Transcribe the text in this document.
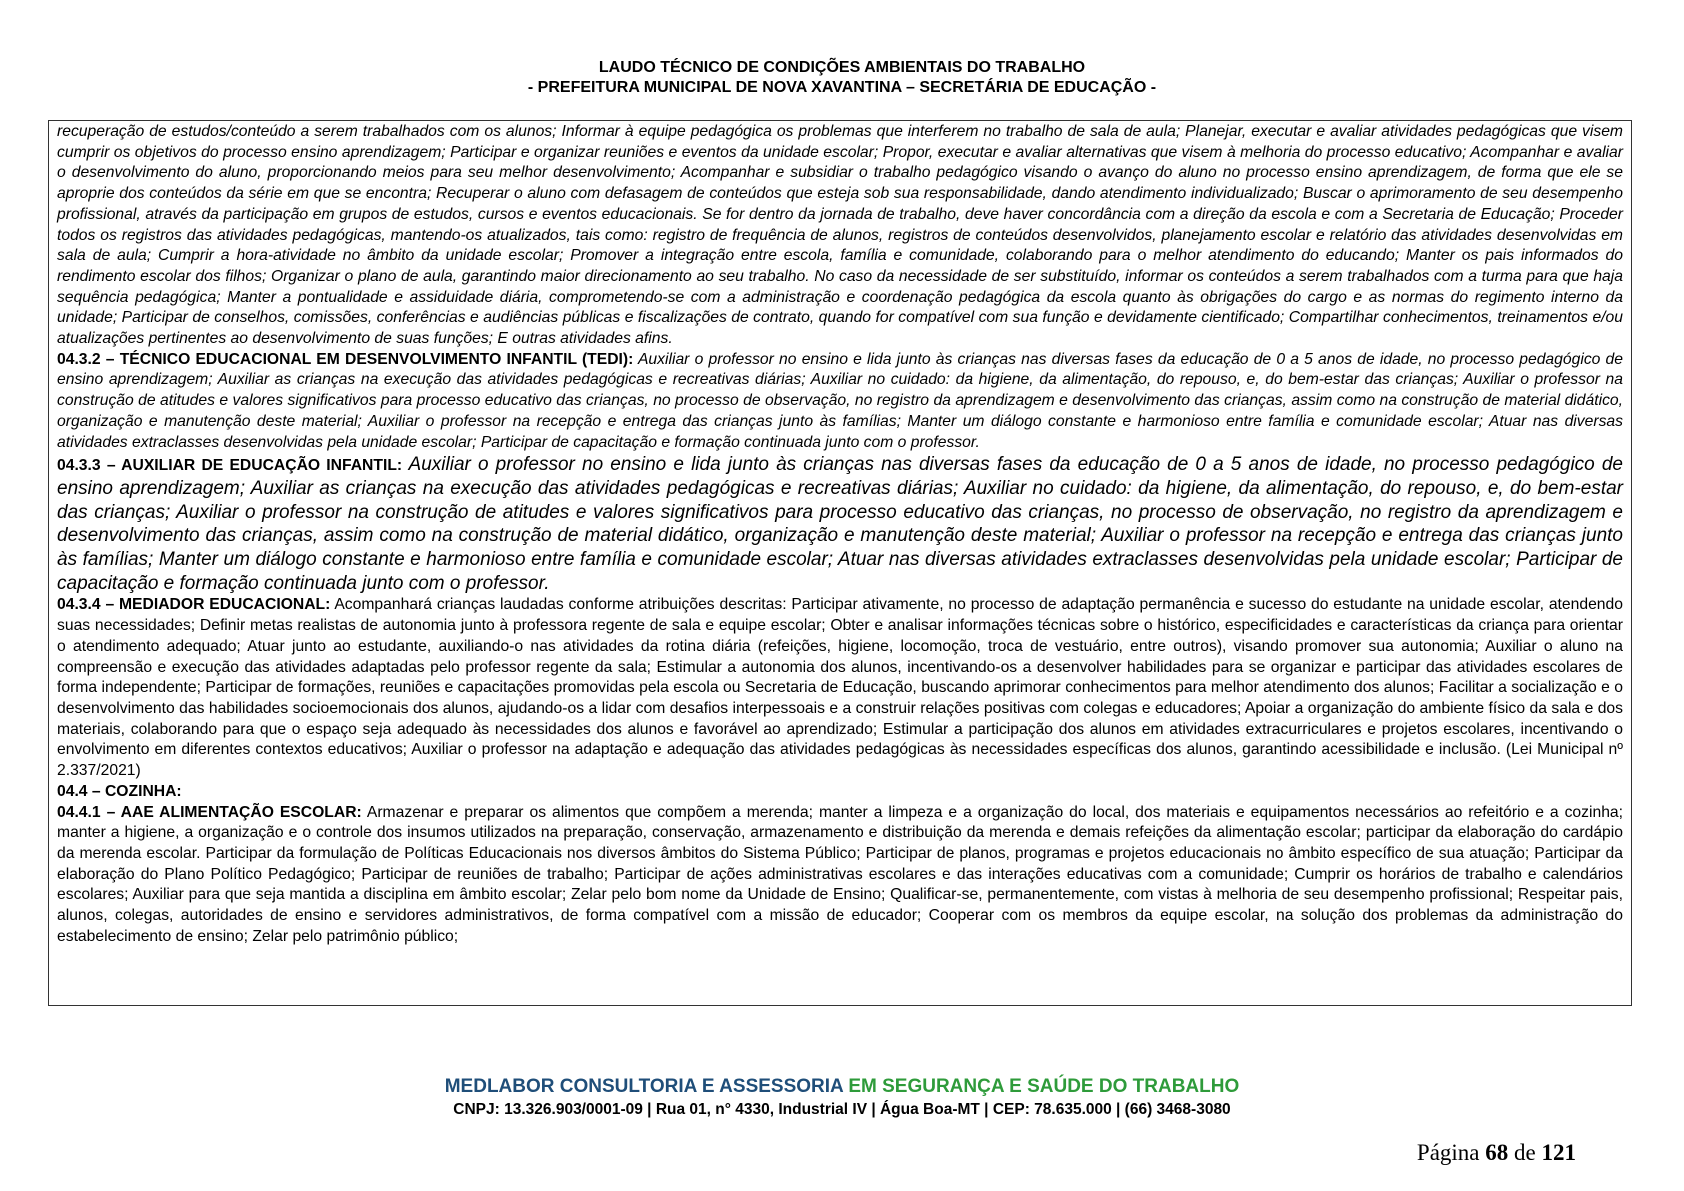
LAUDO TÉCNICO DE CONDIÇÕES AMBIENTAIS DO TRABALHO
- PREFEITURA MUNICIPAL DE NOVA XAVANTINA – SECRETÁRIA DE EDUCAÇÃO -

recuperação de estudos/conteúdo a serem trabalhados com os alunos; Informar à equipe pedagógica os problemas que interferem no trabalho de sala de aula; Planejar, executar e avaliar atividades pedagógicas que visem cumprir os objetivos do processo ensino aprendizagem; Participar e organizar reuniões e eventos da unidade escolar; Propor, executar e avaliar alternativas que visem à melhoria do processo educativo; Acompanhar e avaliar o desenvolvimento do aluno, proporcionando meios para seu melhor desenvolvimento; Acompanhar e subsidiar o trabalho pedagógico visando o avanço do aluno no processo ensino aprendizagem, de forma que ele se aproprie dos conteúdos da série em que se encontra; Recuperar o aluno com defasagem de conteúdos que esteja sob sua responsabilidade, dando atendimento individualizado; Buscar o aprimoramento de seu desempenho profissional, através da participação em grupos de estudos, cursos e eventos educacionais. Se for dentro da jornada de trabalho, deve haver concordância com a direção da escola e com a Secretaria de Educação; Proceder todos os registros das atividades pedagógicas, mantendo-os atualizados, tais como: registro de frequência de alunos, registros de conteúdos desenvolvidos, planejamento escolar e relatório das atividades desenvolvidas em sala de aula; Cumprir a hora-atividade no âmbito da unidade escolar; Promover a integração entre escola, família e comunidade, colaborando para o melhor atendimento do educando; Manter os pais informados do rendimento escolar dos filhos; Organizar o plano de aula, garantindo maior direcionamento ao seu trabalho. No caso da necessidade de ser substituído, informar os conteúdos a serem trabalhados com a turma para que haja sequência pedagógica; Manter a pontualidade e assiduidade diária, comprometendo-se com a administração e coordenação pedagógica da escola quanto às obrigações do cargo e as normas do regimento interno da unidade; Participar de conselhos, comissões, conferências e audiências públicas e fiscalizações de contrato, quando for compatível com sua função e devidamente cientificado; Compartilhar conhecimentos, treinamentos e/ou atualizações pertinentes ao desenvolvimento de suas funções; E outras atividades afins.

04.3.2 – TÉCNICO EDUCACIONAL EM DESENVOLVIMENTO INFANTIL (TEDI): Auxiliar o professor no ensino e lida junto às crianças nas diversas fases da educação de 0 a 5 anos de idade, no processo pedagógico de ensino aprendizagem; Auxiliar as crianças na execução das atividades pedagógicas e recreativas diárias; Auxiliar no cuidado: da higiene, da alimentação, do repouso, e, do bem-estar das crianças; Auxiliar o professor na construção de atitudes e valores significativos para processo educativo das crianças, no processo de observação, no registro da aprendizagem e desenvolvimento das crianças, assim como na construção de material didático, organização e manutenção deste material; Auxiliar o professor na recepção e entrega das crianças junto às famílias; Manter um diálogo constante e harmonioso entre família e comunidade escolar; Atuar nas diversas atividades extraclasses desenvolvidas pela unidade escolar; Participar de capacitação e formação continuada junto com o professor.

04.3.3 – AUXILIAR DE EDUCAÇÃO INFANTIL: Auxiliar o professor no ensino e lida junto às crianças nas diversas fases da educação de 0 a 5 anos de idade, no processo pedagógico de ensino aprendizagem; Auxiliar as crianças na execução das atividades pedagógicas e recreativas diárias; Auxiliar no cuidado: da higiene, da alimentação, do repouso, e, do bem-estar das crianças; Auxiliar o professor na construção de atitudes e valores significativos para processo educativo das crianças, no processo de observação, no registro da aprendizagem e desenvolvimento das crianças, assim como na construção de material didático, organização e manutenção deste material; Auxiliar o professor na recepção e entrega das crianças junto às famílias; Manter um diálogo constante e harmonioso entre família e comunidade escolar; Atuar nas diversas atividades extraclasses desenvolvidas pela unidade escolar; Participar de capacitação e formação continuada junto com o professor.

04.3.4 – MEDIADOR EDUCACIONAL: Acompanhará crianças laudadas conforme atribuições descritas: Participar ativamente, no processo de adaptação permanência e sucesso do estudante na unidade escolar, atendendo suas necessidades; Definir metas realistas de autonomia junto à professora regente de sala e equipe escolar; Obter e analisar informações técnicas sobre o histórico, especificidades e características da criança para orientar o atendimento adequado; Atuar junto ao estudante, auxiliando-o nas atividades da rotina diária (refeições, higiene, locomoção, troca de vestuário, entre outros), visando promover sua autonomia; Auxiliar o aluno na compreensão e execução das atividades adaptadas pelo professor regente da sala; Estimular a autonomia dos alunos, incentivando-os a desenvolver habilidades para se organizar e participar das atividades escolares de forma independente; Participar de formações, reuniões e capacitações promovidas pela escola ou Secretaria de Educação, buscando aprimorar conhecimentos para melhor atendimento dos alunos; Facilitar a socialização e o desenvolvimento das habilidades socioemocionais dos alunos, ajudando-os a lidar com desafios interpessoais e a construir relações positivas com colegas e educadores; Apoiar a organização do ambiente físico da sala e dos materiais, colaborando para que o espaço seja adequado às necessidades dos alunos e favorável ao aprendizado; Estimular a participação dos alunos em atividades extracurriculares e projetos escolares, incentivando o envolvimento em diferentes contextos educativos; Auxiliar o professor na adaptação e adequação das atividades pedagógicas às necessidades específicas dos alunos, garantindo acessibilidade e inclusão. (Lei Municipal nº 2.337/2021)

04.4 – COZINHA:

04.4.1 – AAE ALIMENTAÇÃO ESCOLAR: Armazenar e preparar os alimentos que compõem a merenda; manter a limpeza e a organização do local, dos materiais e equipamentos necessários ao refeitório e a cozinha; manter a higiene, a organização e o controle dos insumos utilizados na preparação, conservação, armazenamento e distribuição da merenda e demais refeições da alimentação escolar; participar da elaboração do cardápio da merenda escolar. Participar da formulação de Políticas Educacionais nos diversos âmbitos do Sistema Público; Participar de planos, programas e projetos educacionais no âmbito específico de sua atuação; Participar da elaboração do Plano Político Pedagógico; Participar de reuniões de trabalho; Participar de ações administrativas escolares e das interações educativas com a comunidade; Cumprir os horários de trabalho e calendários escolares; Auxiliar para que seja mantida a disciplina em âmbito escolar; Zelar pelo bom nome da Unidade de Ensino; Qualificar-se, permanentemente, com vistas à melhoria de seu desempenho profissional; Respeitar pais, alunos, colegas, autoridades de ensino e servidores administrativos, de forma compatível com a missão de educador; Cooperar com os membros da equipe escolar, na solução dos problemas da administração do estabelecimento de ensino; Zelar pelo patrimônio público;

MEDLABOR CONSULTORIA E ASSESSORIA EM SEGURANÇA E SAÚDE DO TRABALHO
CNPJ: 13.326.903/0001-09 | Rua 01, n° 4330, Industrial IV | Água Boa-MT | CEP: 78.635.000 | (66) 3468-3080
Página 68 de 121
